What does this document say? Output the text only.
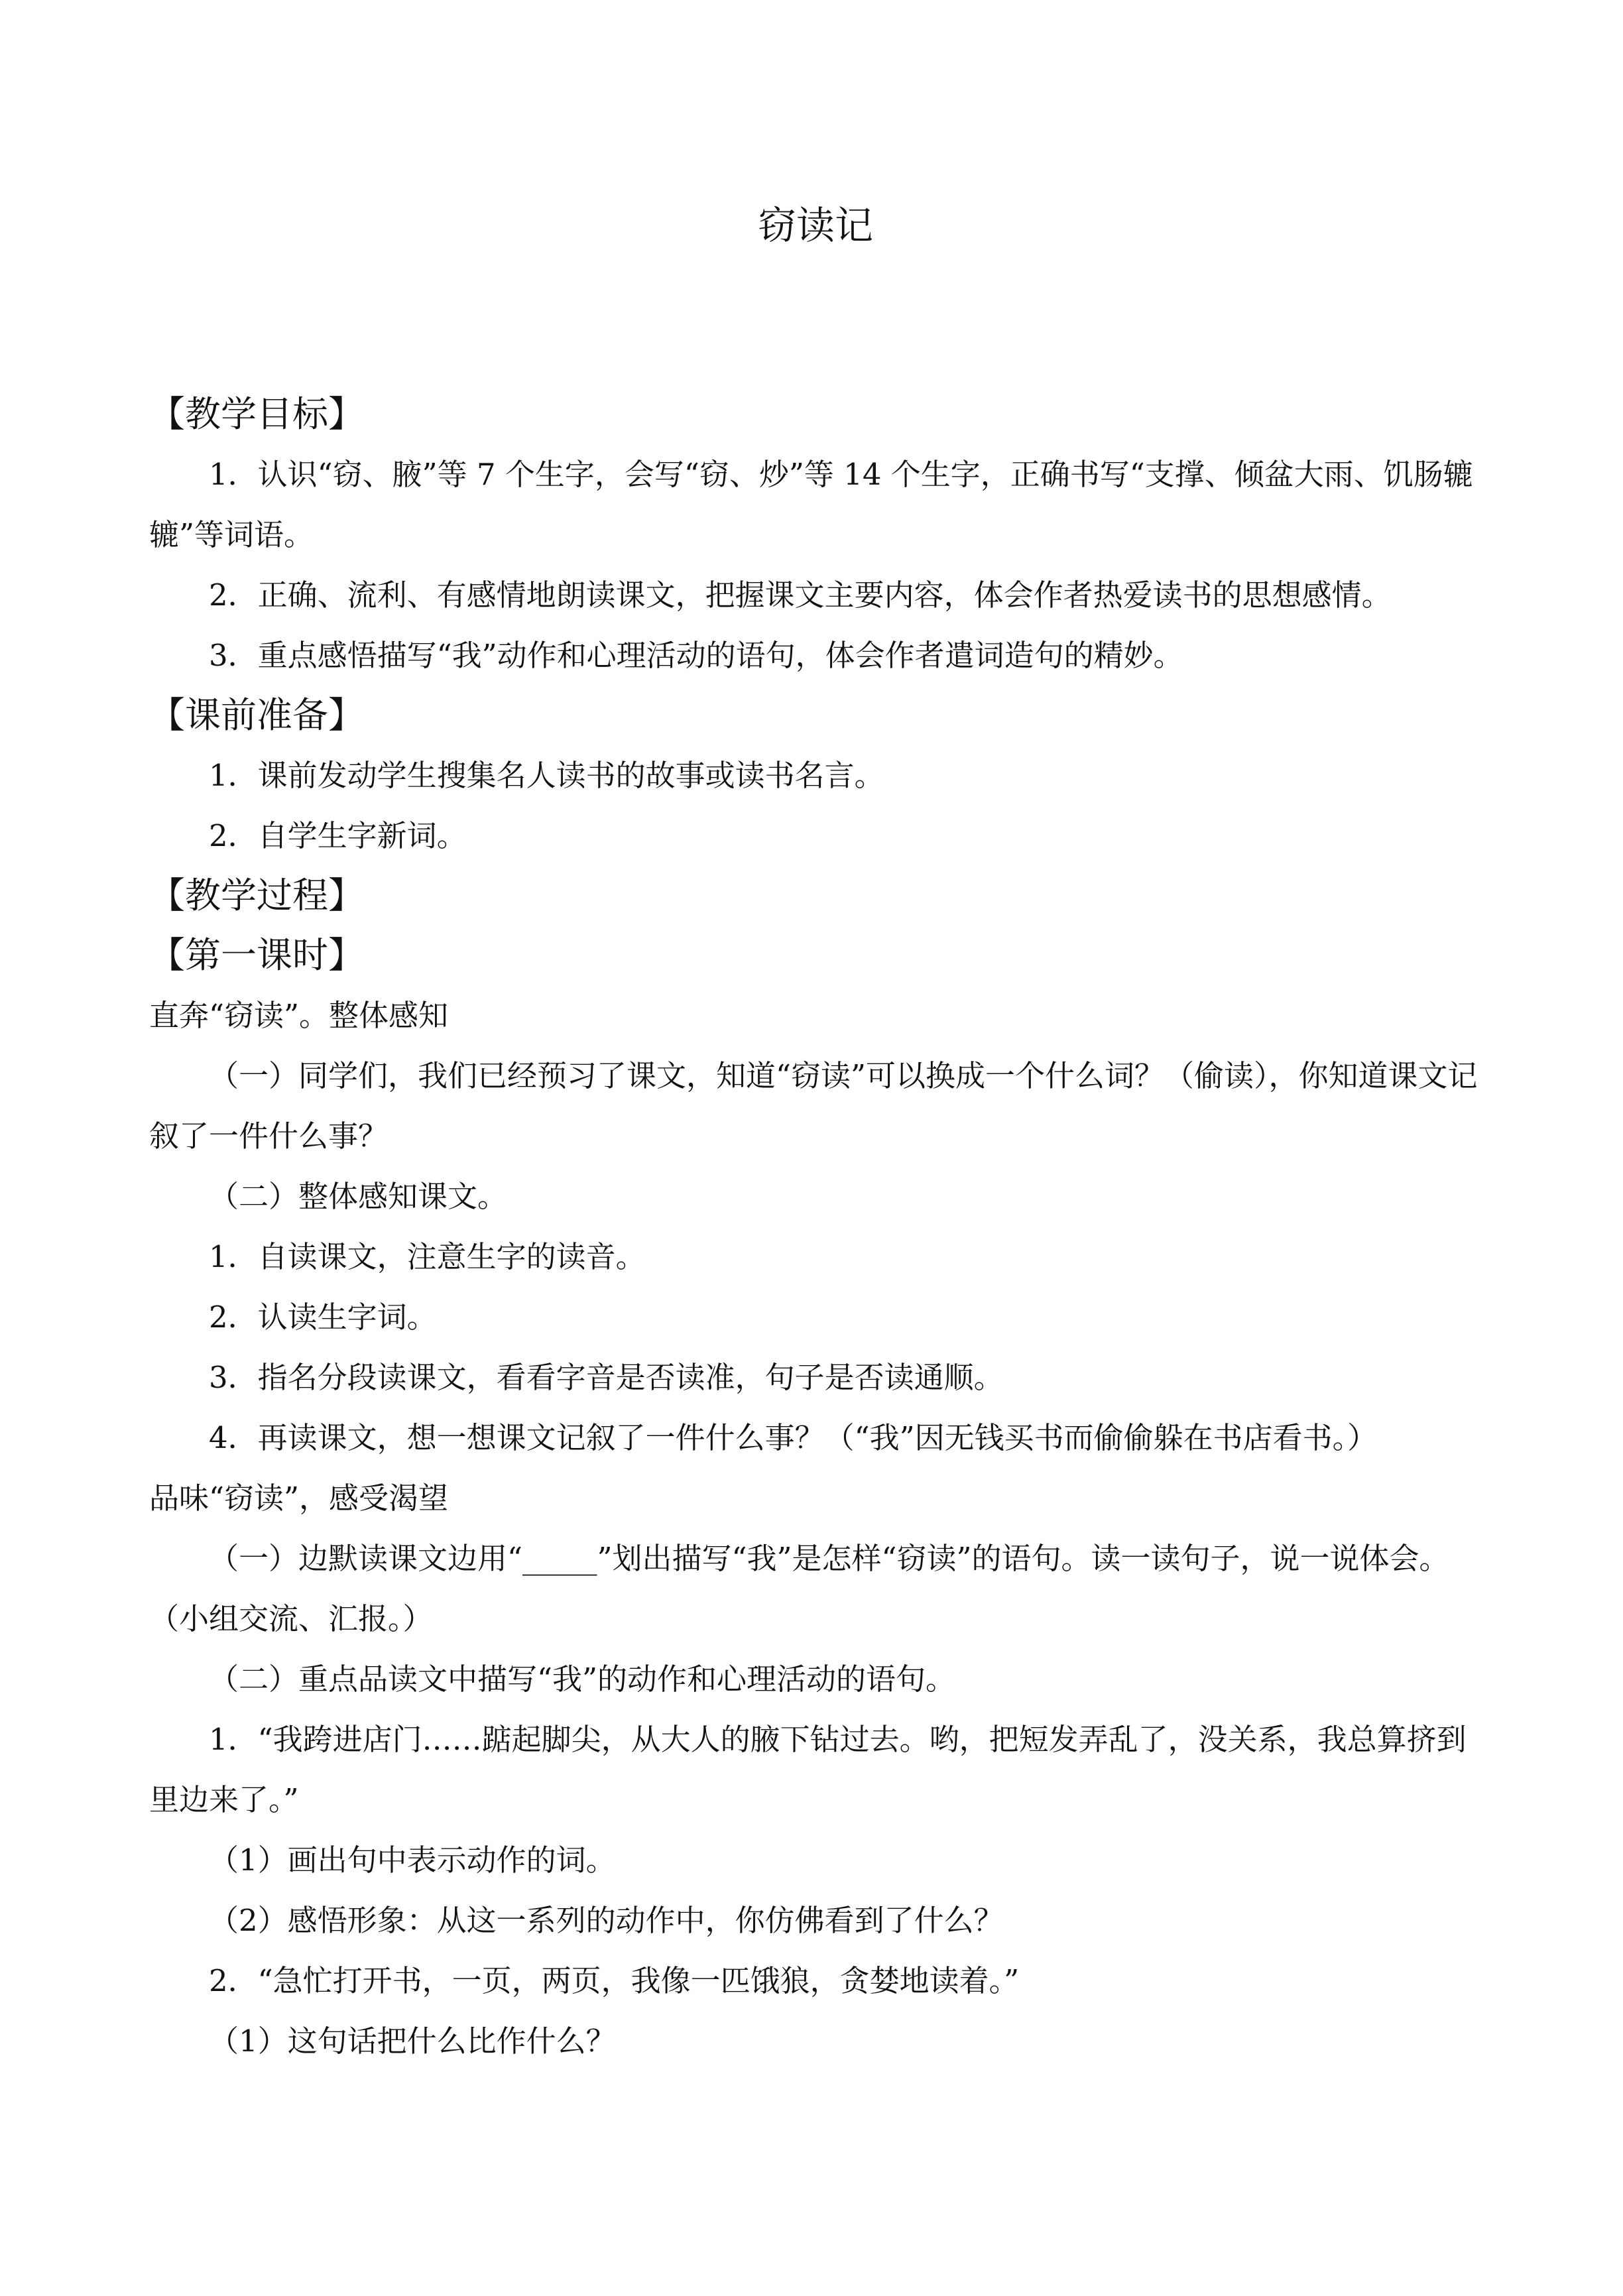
窃读记
【教学目标】

1．认识“窃、腋”等 7 个生字，会写“窃、炒”等 14 个生字，正确书写“支撑、倾盆大雨、饥肠辘辘”等词语。

2．正确、流利、有感情地朗读课文，把握课文主要内容，体会作者热爱读书的思想感情。

3．重点感悟描写“我”动作和心理活动的语句，体会作者遣词造句的精妙。

【课前准备】

1．课前发动学生搜集名人读书的故事或读书名言。

2．自学生字新词。

【教学过程】
【第一课时】

直奔“窃读”。整体感知

（一）同学们，我们已经预习了课文，知道“窃读”可以换成一个什么词？（偷读），你知道课文记叙了一件什么事？

（二）整体感知课文。

1．自读课文，注意生字的读音。

2．认读生字词。

3．指名分段读课文，看看字音是否读准，句子是否读通顺。

4．再读课文，想一想课文记叙了一件什么事？（“我”因无钱买书而偷偷躲在书店看书。）

品味“窃读”，感受渴望

（一）边默读课文边用“_____”划出描写“我”是怎样“窃读”的语句。读一读句子，说一说体会。（小组交流、汇报。）

（二）重点品读文中描写“我”的动作和心理活动的语句。

1．“我跨进店门……踮起脚尖，从大人的腋下钻过去。哟，把短发弄乱了，没关系，我总算挤到里边来了。”

（1）画出句中表示动作的词。

（2）感悟形象：从这一系列的动作中，你仿佛看到了什么？

2．“急忙打开书，一页，两页，我像一匹饿狼，贪婪地读着。”

（1）这句话把什么比作什么？
